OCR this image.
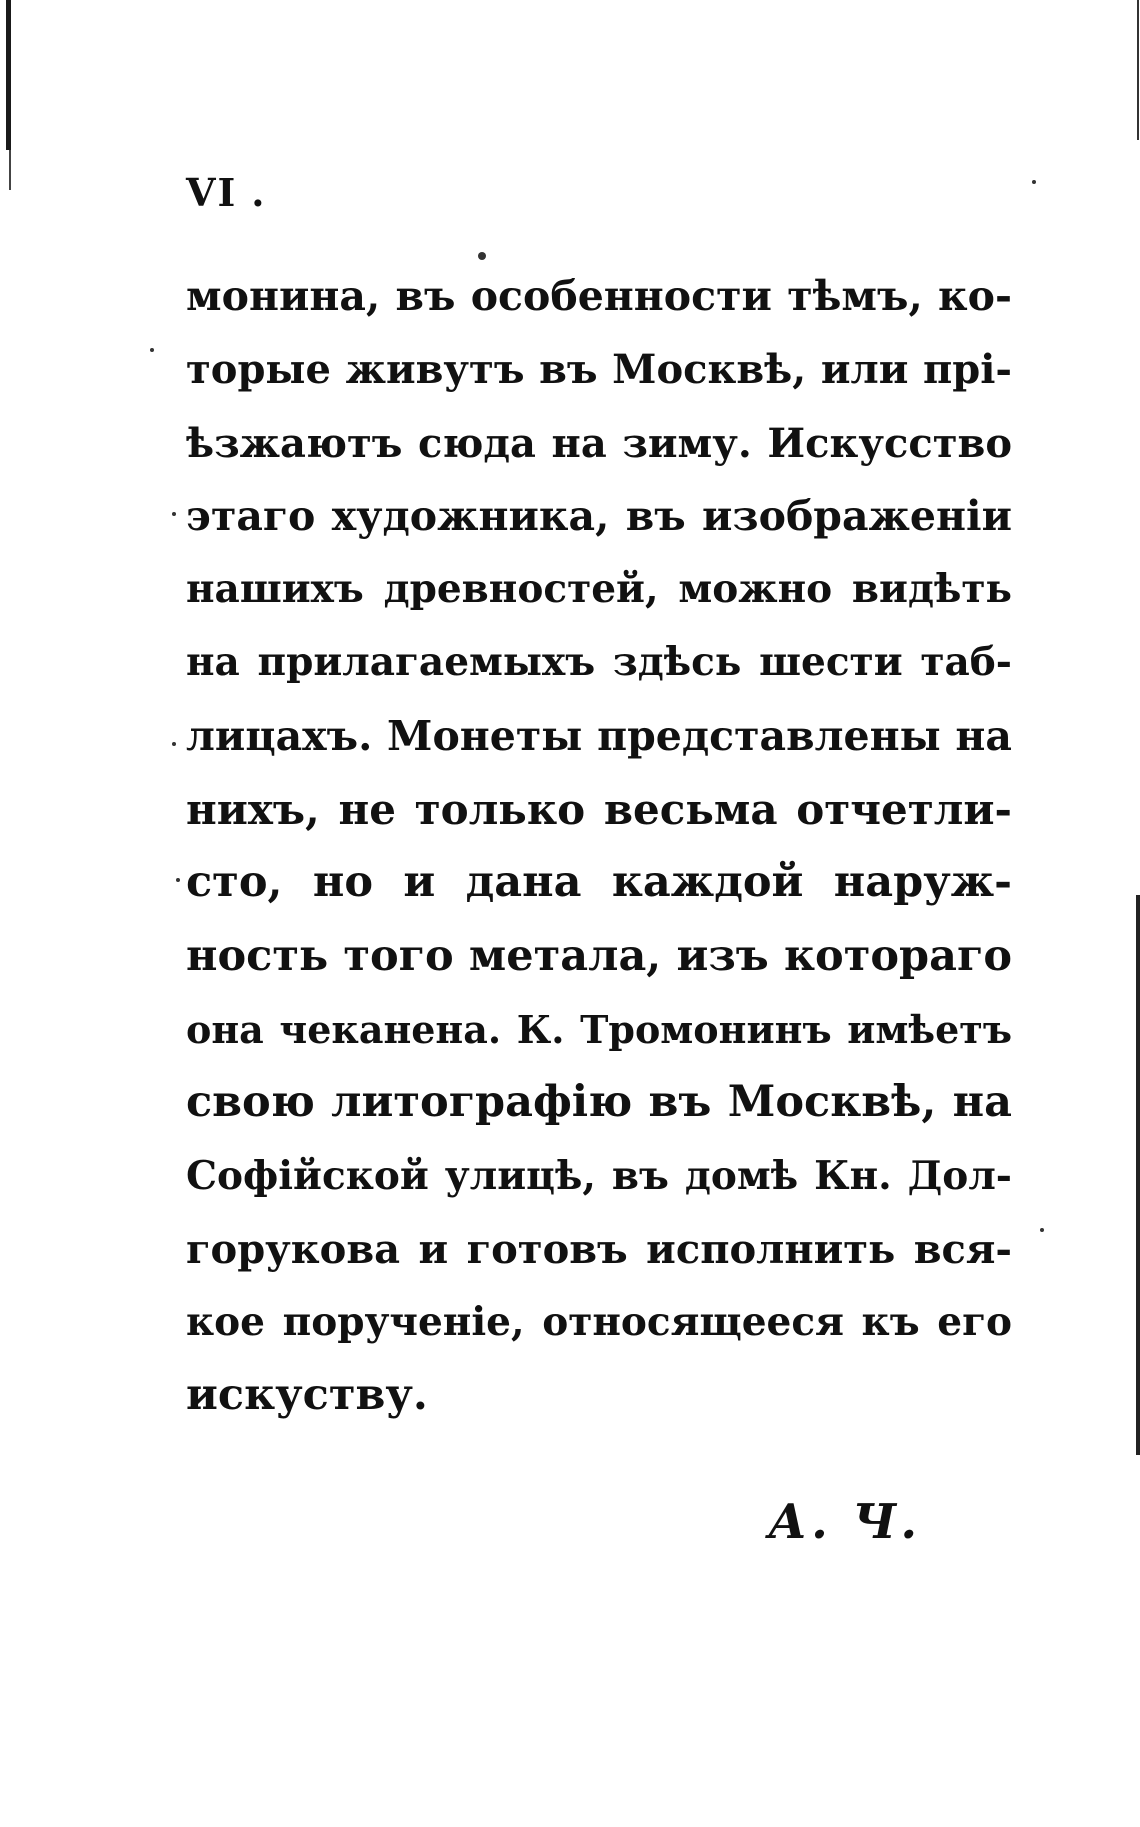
VI .
монина, въ особенности тѣмъ, ко-
торые живутъ въ Москвѣ, или прі-
ѣзжаютъ сюда на зиму. Искусство
этаго художника, въ изображеніи
нашихъ древностей, можно видѣть
на прилагаемыхъ здѣсь шести таб-
лицахъ. Монеты представлены на
нихъ, не только весьма отчетли-
сто, но и дана каждой наруж-
ность того метала, изъ котораго
она чеканена. К. Тромонинъ имѣетъ
свою литографію въ Москвѣ, на
Софійской улицѣ, въ домѣ Кн. Дол-
горукова и готовъ исполнить вся-
кое порученіе, относящееся къ его
искуству.
А. Ч.
